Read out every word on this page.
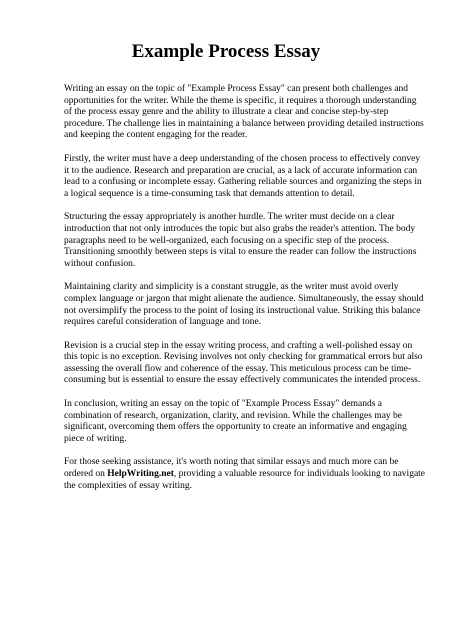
Example Process Essay

Writing an essay on the topic of "Example Process Essay" can present both challenges and opportunities for the writer. While the theme is specific, it requires a thorough understanding of the process essay genre and the ability to illustrate a clear and concise step-by-step procedure. The challenge lies in maintaining a balance between providing detailed instructions and keeping the content engaging for the reader.

Firstly, the writer must have a deep understanding of the chosen process to effectively convey it to the audience. Research and preparation are crucial, as a lack of accurate information can lead to a confusing or incomplete essay. Gathering reliable sources and organizing the steps in a logical sequence is a time-consuming task that demands attention to detail.

Structuring the essay appropriately is another hurdle. The writer must decide on a clear introduction that not only introduces the topic but also grabs the reader's attention. The body paragraphs need to be well-organized, each focusing on a specific step of the process. Transitioning smoothly between steps is vital to ensure the reader can follow the instructions without confusion.

Maintaining clarity and simplicity is a constant struggle, as the writer must avoid overly complex language or jargon that might alienate the audience. Simultaneously, the essay should not oversimplify the process to the point of losing its instructional value. Striking this balance requires careful consideration of language and tone.

Revision is a crucial step in the essay writing process, and crafting a well-polished essay on this topic is no exception. Revising involves not only checking for grammatical errors but also assessing the overall flow and coherence of the essay. This meticulous process can be time-consuming but is essential to ensure the essay effectively communicates the intended process.

In conclusion, writing an essay on the topic of "Example Process Essay" demands a combination of research, organization, clarity, and revision. While the challenges may be significant, overcoming them offers the opportunity to create an informative and engaging piece of writing.

For those seeking assistance, it's worth noting that similar essays and much more can be ordered on HelpWriting.net, providing a valuable resource for individuals looking to navigate the complexities of essay writing.
